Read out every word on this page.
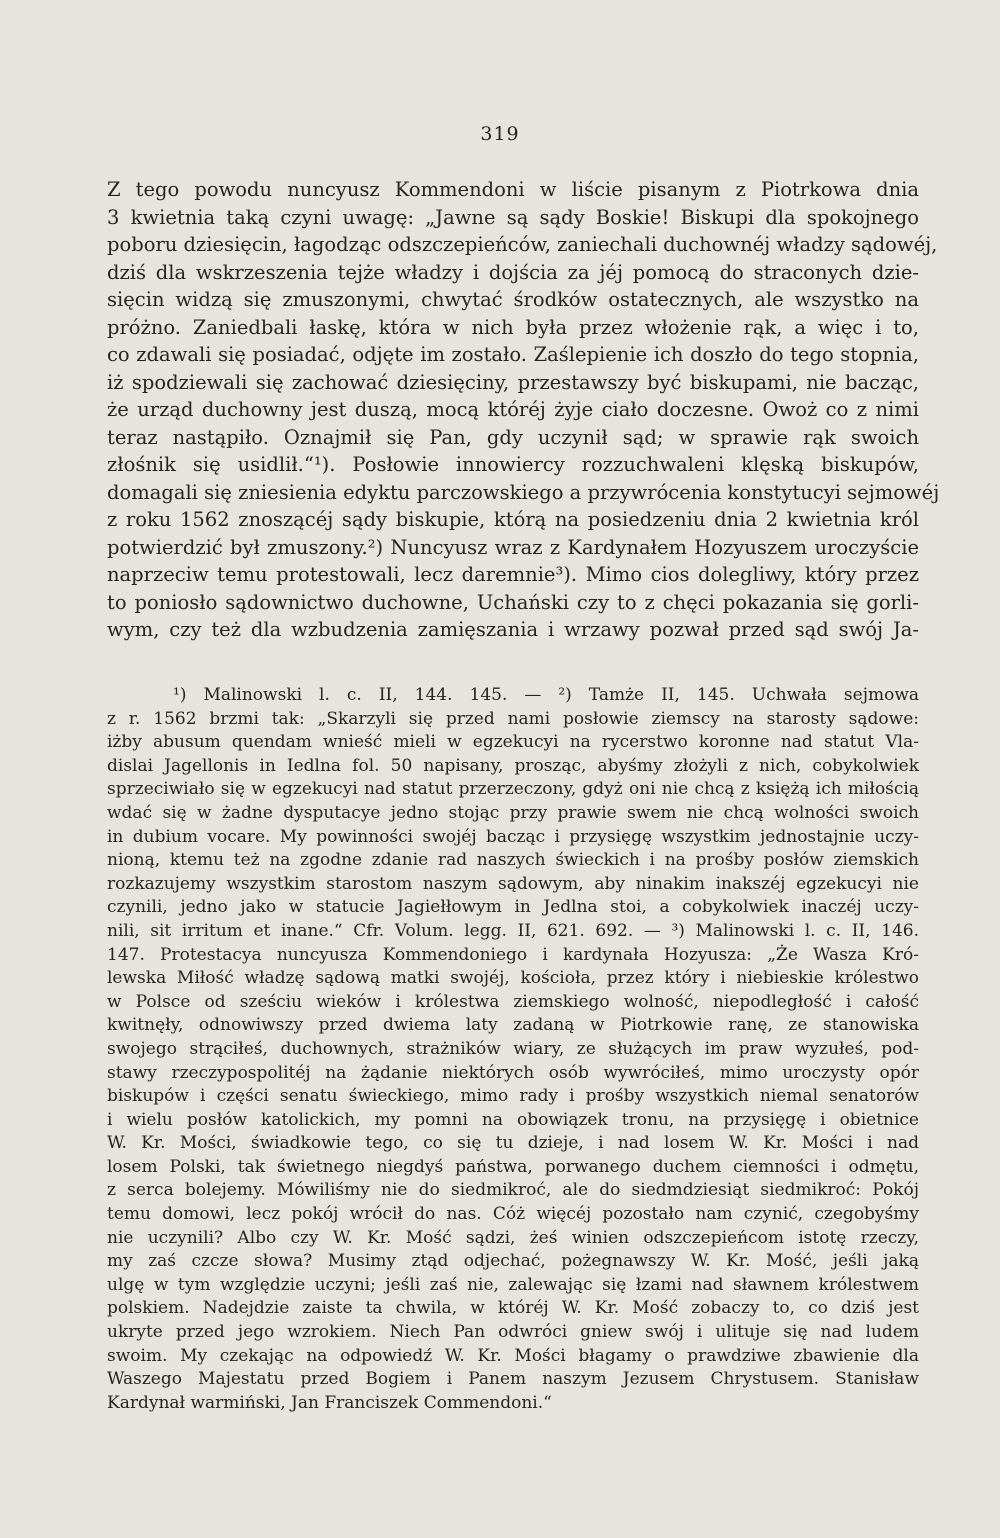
319
Z tego powodu nuncyusz Kommendoni w liście pisanym z Piotrkowa dnia
3 kwietnia taką czyni uwagę: „Jawne są sądy Boskie! Biskupi dla spokojnego
poboru dziesięcin, łagodząc odszczepieńców, zaniechali duchownéj władzy sądowéj,
dziś dla wskrzeszenia tejże władzy i dojścia za jéj pomocą do straconych dzie-
sięcin widzą się zmuszonymi, chwytać środków ostatecznych, ale wszystko na
próżno. Zaniedbali łaskę, która w nich była przez włożenie rąk, a więc i to,
co zdawali się posiadać, odjęte im zostało. Zaślepienie ich doszło do tego stopnia,
iż spodziewali się zachować dziesięciny, przestawszy być biskupami, nie bacząc,
że urząd duchowny jest duszą, mocą któréj żyje ciało doczesne. Owoż co z nimi
teraz nastąpiło. Oznajmił się Pan, gdy uczynił sąd; w sprawie rąk swoich
złośnik się usidlił.“¹). Posłowie innowiercy rozzuchwaleni klęską biskupów,
domagali się zniesienia edyktu parczowskiego a przywrócenia konstytucyi sejmowéj
z roku 1562 znoszącéj sądy biskupie, którą na posiedzeniu dnia 2 kwietnia król
potwierdzić był zmuszony.²) Nuncyusz wraz z Kardynałem Hozyuszem uroczyście
naprzeciw temu protestowali, lecz daremnie³). Mimo cios dolegliwy, który przez
to poniosło sądownictwo duchowne, Uchański czy to z chęci pokazania się gorli-
wym, czy też dla wzbudzenia zamięszania i wrzawy pozwał przed sąd swój Ja-
¹) Malinowski l. c. II, 144. 145. — ²) Tamże II, 145. Uchwała sejmowa
z r. 1562 brzmi tak: „Skarzyli się przed nami posłowie ziemscy na starosty sądowe:
iżby abusum quendam wnieść mieli w egzekucyi na rycerstwo koronne nad statut Vla-
dislai Jagellonis in Iedlna fol. 50 napisany, prosząc, abyśmy złożyli z nich, cobykolwiek
sprzeciwiało się w egzekucyi nad statut przerzeczony, gdyż oni nie chcą z księżą ich miłością
wdać się w żadne dysputacye jedno stojąc przy prawie swem nie chcą wolności swoich
in dubium vocare. My powinności swojéj bacząc i przysięgę wszystkim jednostajnie uczy-
nioną, ktemu też na zgodne zdanie rad naszych świeckich i na prośby posłów ziemskich
rozkazujemy wszystkim starostom naszym sądowym, aby ninakim inakszéj egzekucyi nie
czynili, jedno jako w statucie Jagiełłowym in Jedlna stoi, a cobykolwiek inaczéj uczy-
nili, sit irritum et inane.“ Cfr. Volum. legg. II, 621. 692. — ³) Malinowski l. c. II, 146.
147. Protestacya nuncyusza Kommendoniego i kardynała Hozyusza: „Że Wasza Kró-
lewska Miłość władzę sądową matki swojéj, kościoła, przez który i niebieskie królestwo
w Polsce od sześciu wieków i królestwa ziemskiego wolność, niepodległość i całość
kwitnęły, odnowiwszy przed dwiema laty zadaną w Piotrkowie ranę, ze stanowiska
swojego strąciłeś, duchownych, strażników wiary, ze służących im praw wyzułeś, pod-
stawy rzeczypospolitéj na żądanie niektórych osób wywróciłeś, mimo uroczysty opór
biskupów i części senatu świeckiego, mimo rady i prośby wszystkich niemal senatorów
i wielu posłów katolickich, my pomni na obowiązek tronu, na przysięgę i obietnice
W. Kr. Mości, świadkowie tego, co się tu dzieje, i nad losem W. Kr. Mości i nad
losem Polski, tak świetnego niegdyś państwa, porwanego duchem ciemności i odmętu,
z serca bolejemy. Mówiliśmy nie do siedmikroć, ale do siedmdziesiąt siedmikroć: Pokój
temu domowi, lecz pokój wrócił do nas. Cóż więcéj pozostało nam czynić, czegobyśmy
nie uczynili? Albo czy W. Kr. Mość sądzi, żeś winien odszczepieńcom istotę rzeczy,
my zaś czcze słowa? Musimy ztąd odjechać, pożegnawszy W. Kr. Mość, jeśli jaką
ulgę w tym względzie uczyni; jeśli zaś nie, zalewając się łzami nad sławnem królestwem
polskiem. Nadejdzie zaiste ta chwila, w któréj W. Kr. Mość zobaczy to, co dziś jest
ukryte przed jego wzrokiem. Niech Pan odwróci gniew swój i ulituje się nad ludem
swoim. My czekając na odpowiedź W. Kr. Mości błagamy o prawdziwe zbawienie dla
Waszego Majestatu przed Bogiem i Panem naszym Jezusem Chrystusem. Stanisław
Kardynał warmiński, Jan Franciszek Commendoni.“
